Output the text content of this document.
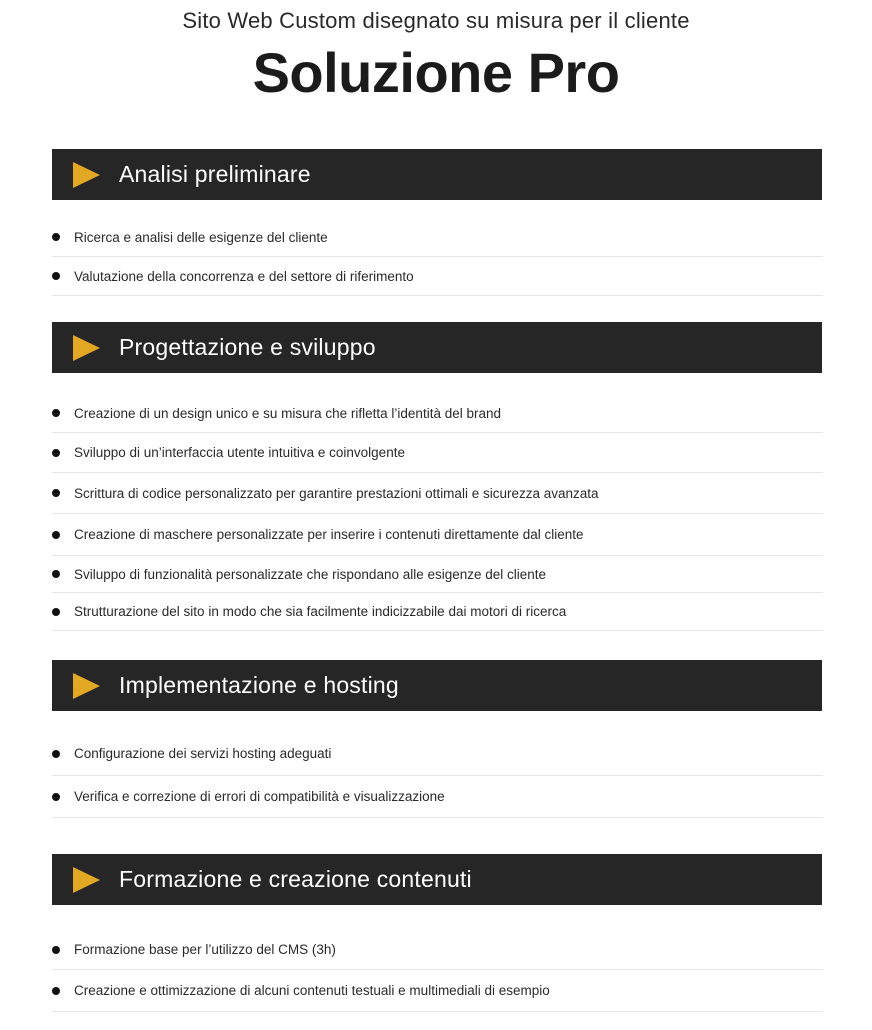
Sito Web Custom disegnato su misura per il cliente
Soluzione Pro
Analisi preliminare
Ricerca e analisi delle esigenze del cliente
Valutazione della concorrenza e del settore di riferimento
Progettazione e sviluppo
Creazione di un design unico e su misura che rifletta l’identità del brand
Sviluppo di un’interfaccia utente intuitiva e coinvolgente
Scrittura di codice personalizzato per garantire prestazioni ottimali e sicurezza avanzata
Creazione di maschere personalizzate per inserire i contenuti direttamente dal cliente
Sviluppo di funzionalità personalizzate che rispondano alle esigenze del cliente
Strutturazione del sito in modo che sia facilmente indicizzabile dai motori di ricerca
Implementazione e hosting
Configurazione dei servizi hosting adeguati
Verifica e correzione di errori di compatibilità e visualizzazione
Formazione e creazione contenuti
Formazione base per l’utilizzo del CMS (3h)
Creazione e ottimizzazione di alcuni contenuti testuali e multimediali di esempio
